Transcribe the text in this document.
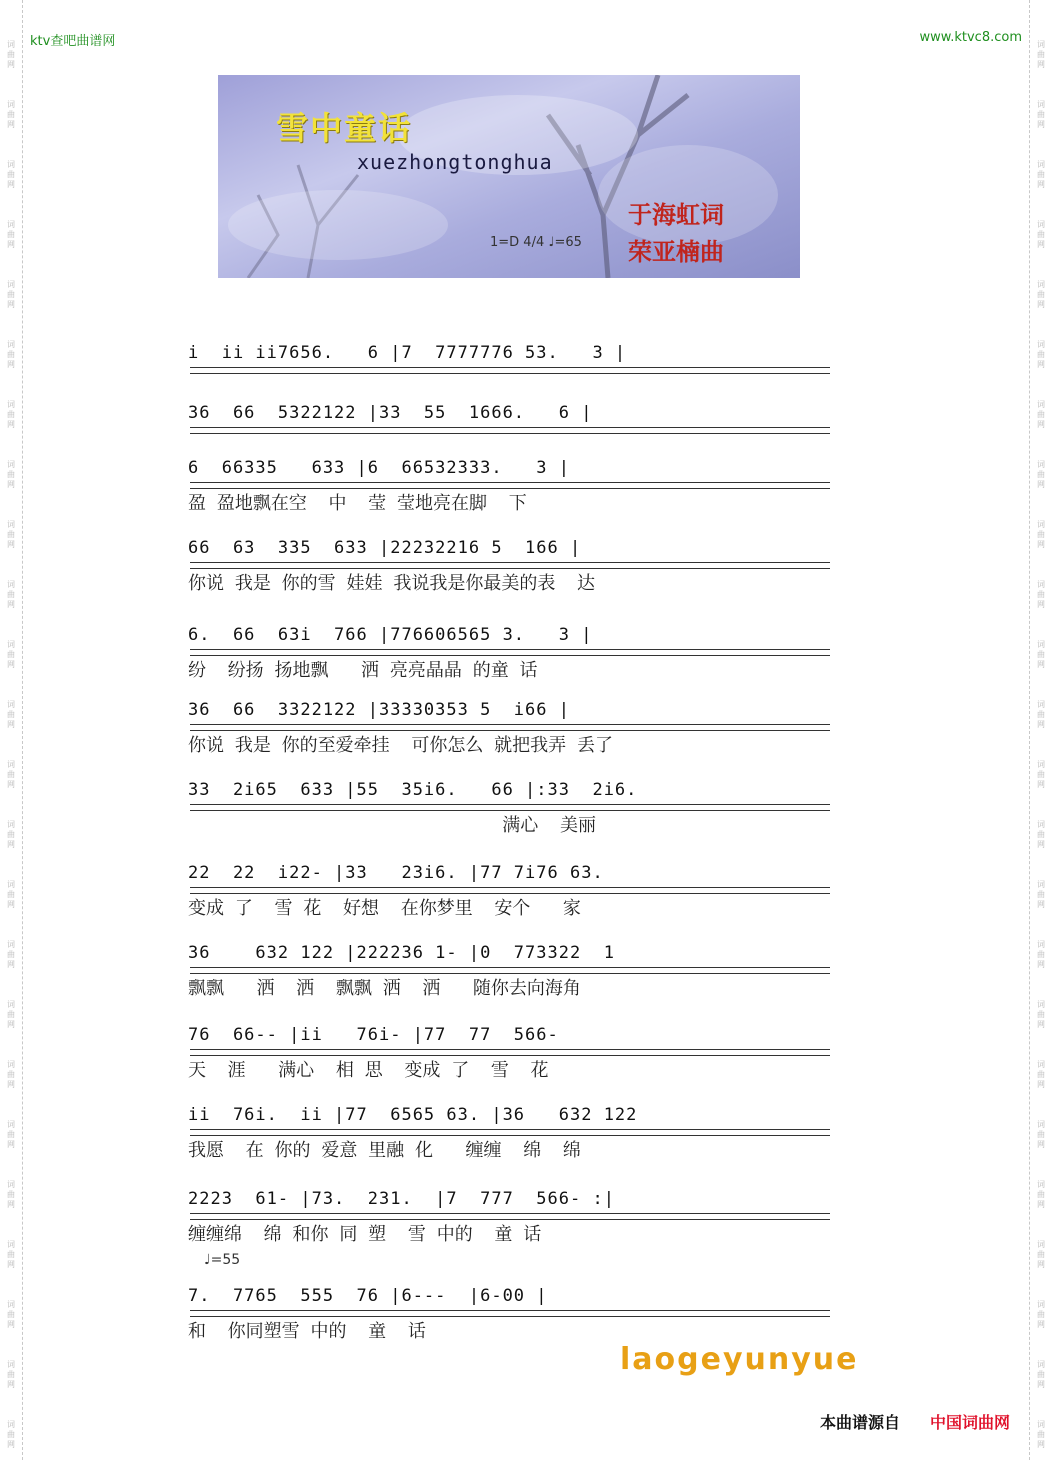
词
曲
网
词
曲
网
词
曲
网
词
曲
网
词
曲
网
词
曲
网
词
曲
网
词
曲
网
词
曲
网
词
曲
网
词
曲
网
词
曲
网
词
曲
网
词
曲
网
词
曲
网
词
曲
网
词
曲
网
词
曲
网
词
曲
网
词
曲
网
词
曲
网
词
曲
网
词
曲
网
词
曲
网
词
曲
网
词
曲
网
词
曲
网
词
曲
网
词
曲
网
词
曲
网
词
曲
网
词
曲
网
词
曲
网
词
曲
网
词
曲
网
词
曲
网
词
曲
网
词
曲
网
词
曲
网
词
曲
网
词
曲
网
词
曲
网
词
曲
网
词
曲
网
词
曲
网
词
曲
网
词
曲
网
词
曲
网
ktv查吧曲谱网	www.ktvc8.com
雪中童话
xuezhongtonghua
1=D 4/4 ♩=65
于海虹词
荣亚楠曲
i  ii ii7656.   6 |7  7777776 53.   3 |
36  66  5322122 |33  55  1666.   6 |
6  66335   633 |6  66532333.   3 |
盈 盈地飘在空  中  莹 莹地亮在脚  下
66  63  335  633 |22232216 5  166 |
你说 我是 你的雪 娃娃 我说我是你最美的表  达
6.  66  63i  766 |776606565 3.   3 |
纷  纷扬 扬地飘   洒 亮亮晶晶 的童 话
36  66  3322122 |33330353 5  i66 |
你说 我是 你的至爱牵挂  可你怎么 就把我弄 丢了
33  2i65  633 |55  35i6.   66 |:33  2i6.
满心  美丽
22  22  i22- |33   23i6. |77 7i76 63.
变成 了  雪 花  好想  在你梦里  安个   家
36    632 122 |222236 1- |0  773322  1
飘飘   洒  洒  飘飘 洒  洒   随你去向海角
76  66-- |ii   76i- |77  77  566-
天  涯   满心  相 思  变成 了  雪  花
ii  76i.  ii |77  6565 63. |36   632 122
我愿  在 你的 爱意 里融 化   缠缠  绵  绵
2223  61- |73.  231.  |7  777  566- :|
缠缠绵  绵 和你 同 塑  雪 中的  童 话
7.  7765  555  76 |6---  |6-00 |
和  你同塑雪 中的  童  话
♩=55
laogeyunyue
本曲谱源自 中国词曲网
